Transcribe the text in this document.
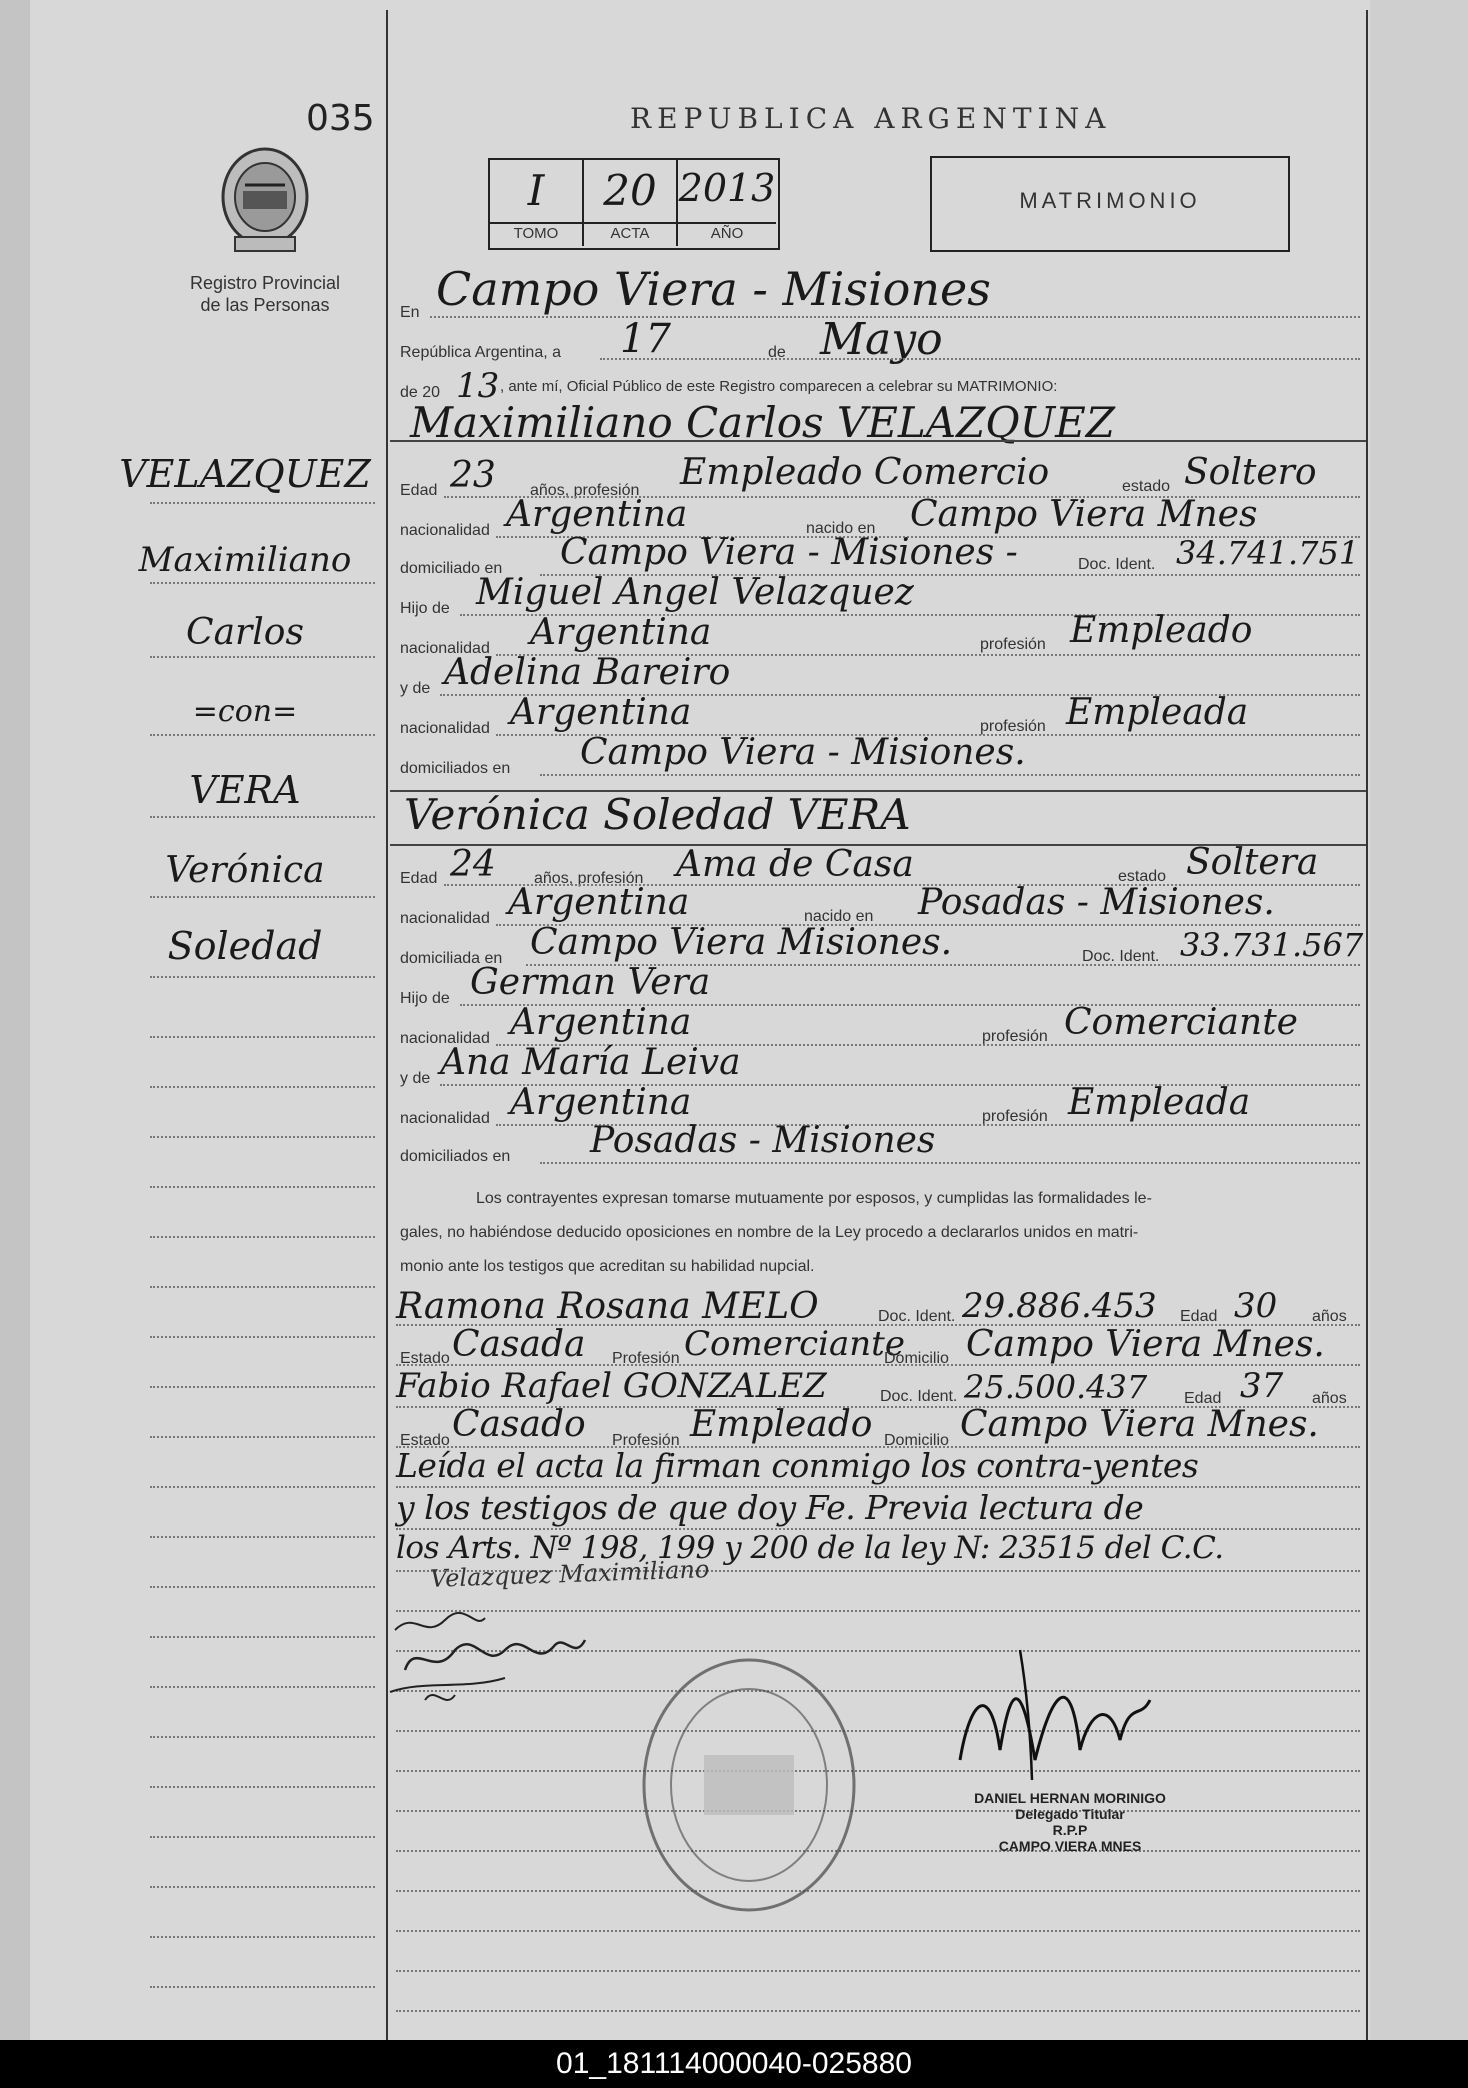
035
Registro Provincial
de las Personas
REPUBLICA ARGENTINA
I	20 2013
TOMO	ACTA	AÑO
MATRIMONIO
En Campo Viera - Misiones
República Argentina, a 17	de Mayo
de 20 13 , ante mí, Oficial Público de este Registro comparecen a celebrar su MATRIMONIO:
Maximiliano Carlos VELAZQUEZ
Edad 23 años, profesión Empleado Comercio	estado Soltero
nacionalidad Argentina	nacido en Campo Viera Mnes
domiciliado en Campo Viera - Misiones -	Doc. Ident. 34.741.751
Hijo de Miguel Angel Velazquez
nacionalidad Argentina	profesión Empleado
y de Adelina Bareiro
nacionalidad Argentina	profesión Empleada
domiciliados en Campo Viera - Misiones.
Verónica Soledad VERA
Edad 24 años, profesión Ama de Casa	estado Soltera
nacionalidad Argentina	nacido en Posadas - Misiones.
domiciliada en Campo Viera Misiones.	Doc. Ident. 33.731.567
Hijo de German Vera
nacionalidad Argentina	profesión Comerciante
y de Ana María Leiva
nacionalidad Argentina	profesión Empleada
domiciliados en Posadas - Misiones
Los contrayentes expresan tomarse mutuamente por esposos, y cumplidas las formalidades le-
gales, no habiéndose deducido oposiciones en nombre de la Ley procedo a declararlos unidos en matri-
monio ante los testigos que acreditan su habilidad nupcial.
Ramona Rosana MELO	Doc. Ident. 29.886.453 Edad 30 años
Estado Casada Profesión Comerciante
Domicilio Campo Viera Mnes.
Fabio Rafael GONZALEZ	Doc. Ident. 25.500.437 Edad 37 años
Estado Casado Profesión Empleado Domicilio Campo Viera Mnes.
Leída el acta la firman conmigo los contra-yentes
y los testigos de que doy Fe. Previa lectura de
los Arts. Nº 198, 199 y 200 de la ley N: 23515 del C.C.
Velazquez Maximiliano
DANIEL HERNAN MORINIGO
Delegado Titular
R.P.P
CAMPO VIERA MNES
VELAZQUEZ
Maximiliano
Carlos
=con=
VERA
Verónica
Soledad
01_181114000040-025880
